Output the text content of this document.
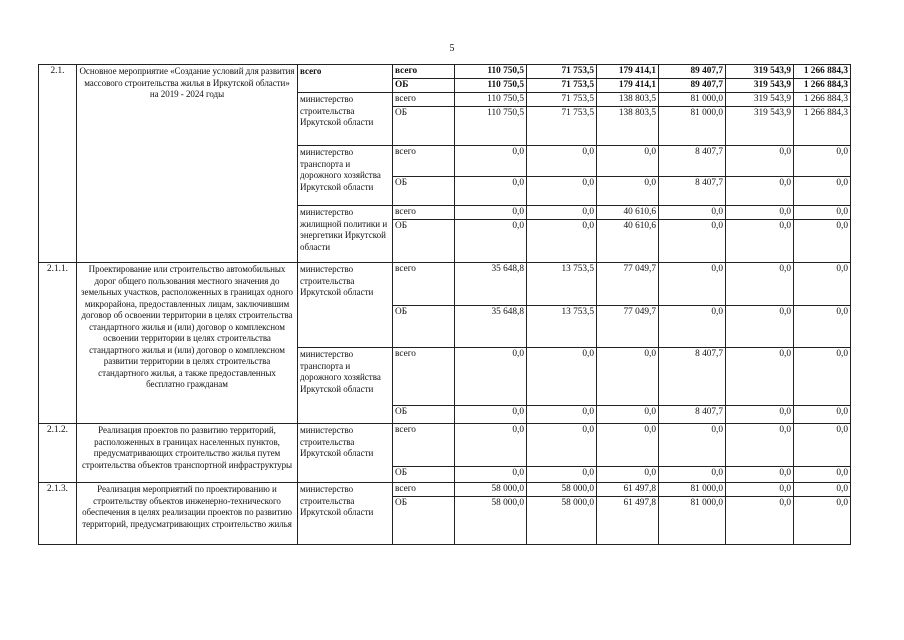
5
2.1.	Основное мероприятие «Создание условий для развития массового строительства жилья в Иркутской области» на 2019 - 2024 годы	всего	всего	110 750,5	71 753,5	179 414,1	89 407,7	319 543,9	1 266 884,3
			ОБ	110 750,5	71 753,5	179 414,1	89 407,7	319 543,9	1 266 884,3
		министерство строительства Иркутской области	всего	110 750,5	71 753,5	138 803,5	81 000,0	319 543,9	1 266 884,3
			ОБ	110 750,5	71 753,5	138 803,5	81 000,0	319 543,9	1 266 884,3
		министерство транспорта и дорожного хозяйства Иркутской области	всего	0,0	0,0	0,0	8 407,7	0,0	0,0
			ОБ	0,0	0,0	0,0	8 407,7	0,0	0,0
		министерство жилищной политики и энергетики Иркутской области	всего	0,0	0,0	40 610,6	0,0	0,0	0,0
			ОБ	0,0	0,0	40 610,6	0,0	0,0	0,0
2.1.1.	Проектирование или строительство автомобильных дорог общего пользования местного значения до земельных участков, расположенных в границах одного микрорайона, предоставленных лицам, заключившим договор об освоении территории в целях строительства стандартного жилья и (или) договор о комплексном освоении территории в целях строительства стандартного жилья и (или) договор о комплексном развитии территории в целях строительства стандартного жилья, а также предоставленных бесплатно гражданам	министерство строительства Иркутской области	всего	35 648,8	13 753,5	77 049,7	0,0	0,0	0,0
			ОБ	35 648,8	13 753,5	77 049,7	0,0	0,0	0,0
		министерство транспорта и дорожного хозяйства Иркутской области	всего	0,0	0,0	0,0	8 407,7	0,0	0,0
			ОБ	0,0	0,0	0,0	8 407,7	0,0	0,0
2.1.2.	Реализация проектов по развитию территорий, расположенных в границах населенных пунктов, предусматривающих строительство жилья путем строительства объектов транспортной инфраструктуры	министерство строительства Иркутской области	всего	0,0	0,0	0,0	0,0	0,0	0,0
			ОБ	0,0	0,0	0,0	0,0	0,0	0,0
2.1.3.	Реализация мероприятий по проектированию и строительству объектов инженерно-технического обеспечения в целях реализации проектов по развитию территорий, предусматривающих строительство жилья	министерство строительства Иркутской области	всего	58 000,0	58 000,0	61 497,8	81 000,0	0,0	0,0
			ОБ	58 000,0	58 000,0	61 497,8	81 000,0	0,0	0,0
